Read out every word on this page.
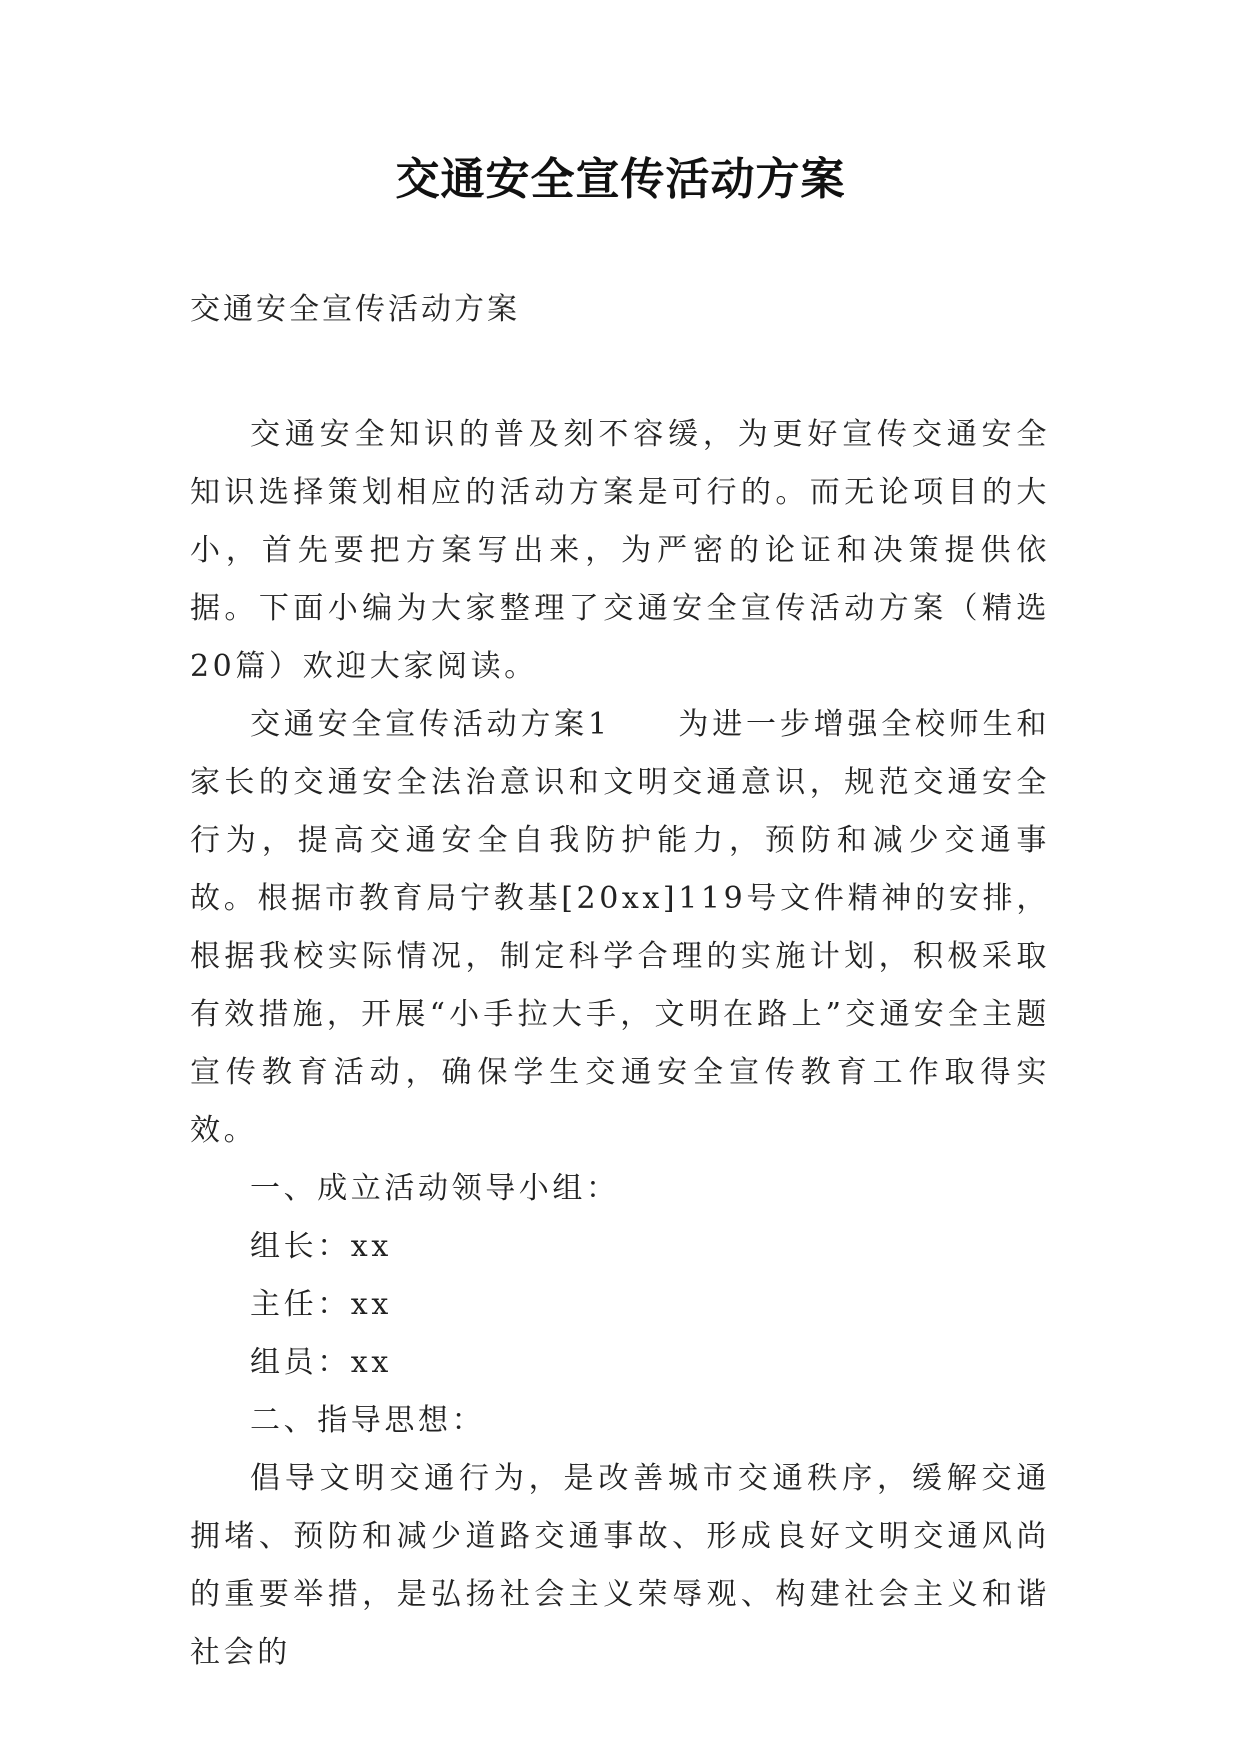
交通安全宣传活动方案
交通安全宣传活动方案

交通安全知识的普及刻不容缓，为更好宣传交通安全知识选择策划相应的活动方案是可行的。而无论项目的大小，首先要把方案写出来，为严密的论证和决策提供依据。下面小编为大家整理了交通安全宣传活动方案（精选20篇）欢迎大家阅读。

交通安全宣传活动方案1　　为进一步增强全校师生和家长的交通安全法治意识和文明交通意识，规范交通安全行为，提高交通安全自我防护能力，预防和减少交通事故。根据市教育局宁教基[20xx]119号文件精神的安排，根据我校实际情况，制定科学合理的实施计划，积极采取有效措施，开展“小手拉大手，文明在路上”交通安全主题宣传教育活动，确保学生交通安全宣传教育工作取得实效。

一、成立活动领导小组：

组长：xx

主任：xx

组员：xx

二、指导思想：

倡导文明交通行为，是改善城市交通秩序，缓解交通拥堵、预防和减少道路交通事故、形成良好文明交通风尚的重要举措，是弘扬社会主义荣辱观、构建社会主义和谐社会的
